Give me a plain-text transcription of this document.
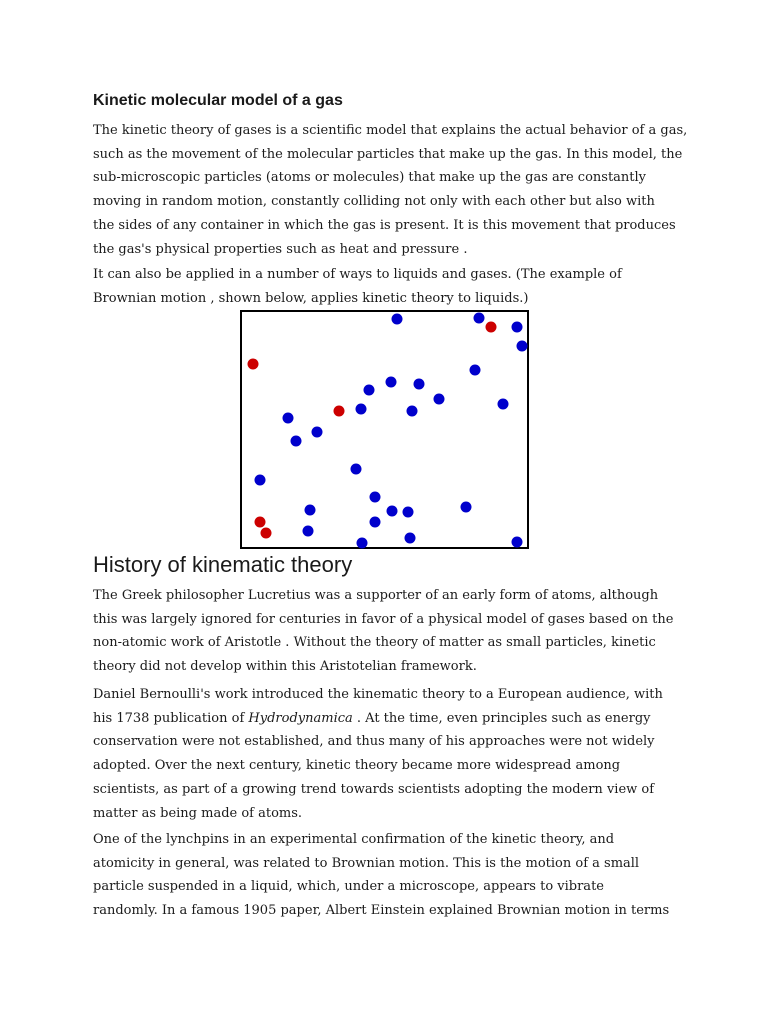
Kinetic molecular model of a gas

The kinetic theory of gases is a scientific model that explains the actual behavior of a gas,
such as the movement of the molecular particles that make up the gas. In this model, the
sub-microscopic particles (atoms or molecules) that make up the gas are constantly
moving in random motion, constantly colliding not only with each other but also with
the sides of any container in which the gas is present. It is this movement that produces
the gas's physical properties such as heat and pressure .

It can also be applied in a number of ways to liquids and gases. (The example of
Brownian motion , shown below, applies kinetic theory to liquids.)

History of kinematic theory

The Greek philosopher Lucretius was a supporter of an early form of atoms, although
this was largely ignored for centuries in favor of a physical model of gases based on the
non-atomic work of Aristotle . Without the theory of matter as small particles, kinetic
theory did not develop within this Aristotelian framework.

Daniel Bernoulli's work introduced the kinematic theory to a European audience, with
his 1738 publication of Hydrodynamica . At the time, even principles such as energy
conservation were not established, and thus many of his approaches were not widely
adopted. Over the next century, kinetic theory became more widespread among
scientists, as part of a growing trend towards scientists adopting the modern view of
matter as being made of atoms.

One of the lynchpins in an experimental confirmation of the kinetic theory, and
atomicity in general, was related to Brownian motion. This is the motion of a small
particle suspended in a liquid, which, under a microscope, appears to vibrate
randomly. In a famous 1905 paper, Albert Einstein explained Brownian motion in terms
